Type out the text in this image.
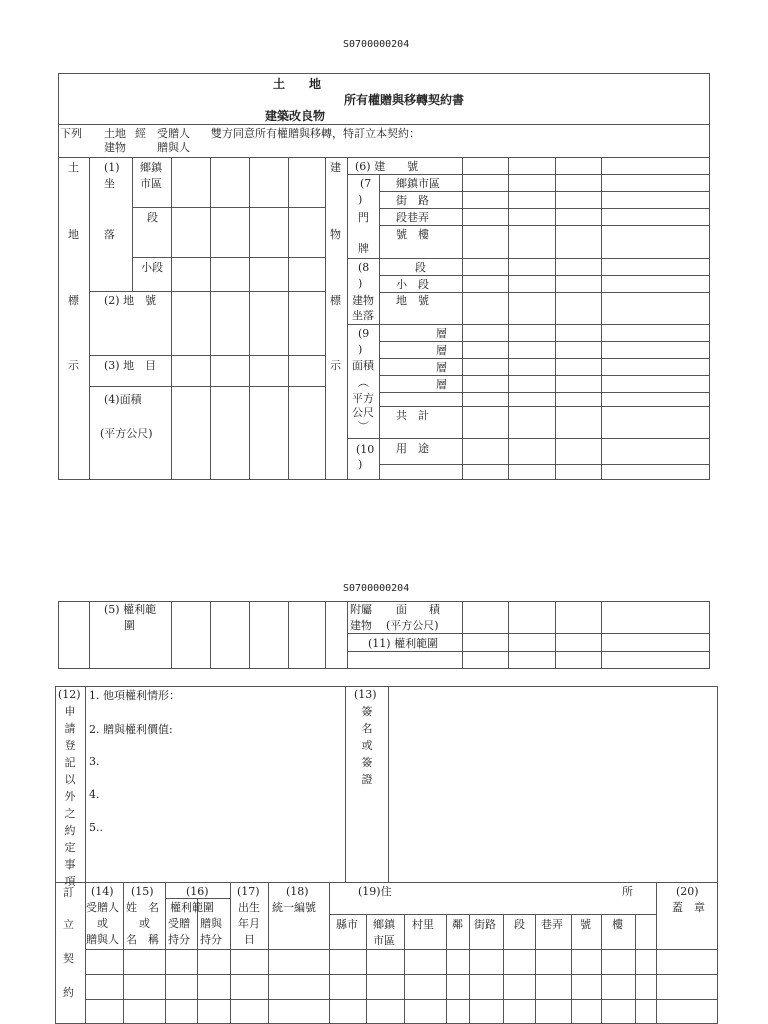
S0700000204
土　　地
所有權贈與移轉契約書
建築改良物
下列 土地
建物
經 受贈人
贈與人
雙方同意所有權贈與移轉，特訂立本契約：
土
地
標
示
(1)
坐
落
鄉鎮
市區
段
小段
(2) 地　號
(3) 地　目
(4)面積
(平方公尺)
建
物
標
示
(6) 建　　號
(7
)
門
牌
鄉鎮市區
街　路
段巷弄
號　樓
(8
)
建物
坐落
段
小　段
地　號
(9
)
面積
︵
平方
公尺
︶
層
層
層
層
共　計
(10
)
用　途
S0700000204
(5) 權利範
圍
附屬
建物
面　　積
(平方公尺)
(11) 權利範圍
(12)
申請登記以外之約定事項
1. 他項權利情形：
2. 贈與權利價值:
3.
4.
5..
(13)
簽名或簽證
訂
立
契
約
(14)
受贈人
或
贈與人
(15)
姓　名
或
名　稱
(16)
權利範圍
受贈
持分
贈與
持分
(17)
出生
年月
日
(18)
統一編號
(19)住	所
縣市 鄉鎮
市區
村里 鄰 街路 段 巷弄 號 樓
(20)
蓋　章
